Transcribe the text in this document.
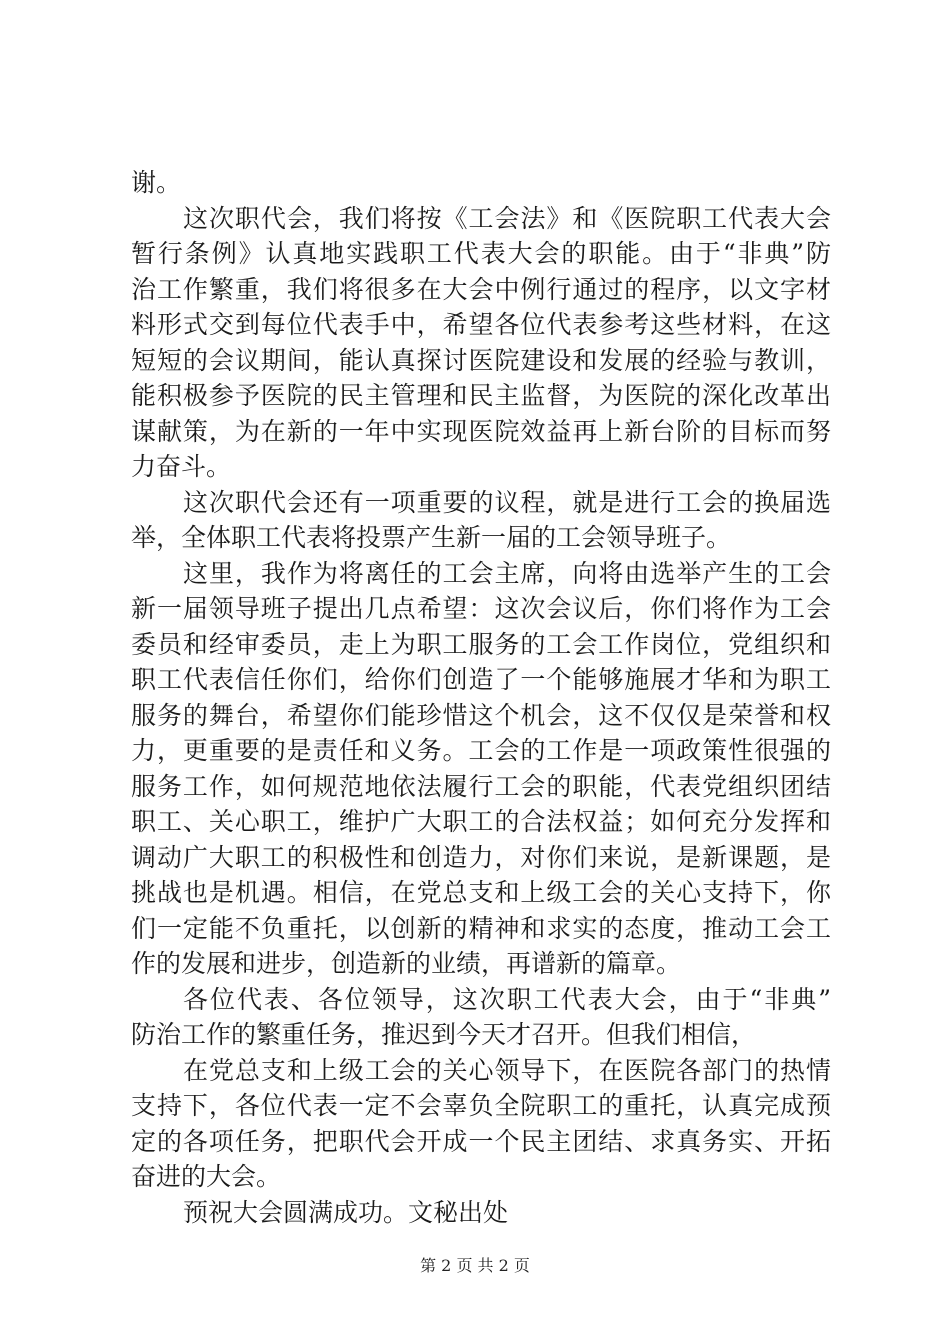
谢。
这次职代会，我们将按《工会法》和《医院职工代表大会
暂行条例》认真地实践职工代表大会的职能。由于“非典”防
治工作繁重，我们将很多在大会中例行通过的程序，以文字材
料形式交到每位代表手中，希望各位代表参考这些材料，在这
短短的会议期间，能认真探讨医院建设和发展的经验与教训，
能积极参予医院的民主管理和民主监督，为医院的深化改革出
谋献策，为在新的一年中实现医院效益再上新台阶的目标而努
力奋斗。
这次职代会还有一项重要的议程，就是进行工会的换届选
举，全体职工代表将投票产生新一届的工会领导班子。
这里，我作为将离任的工会主席，向将由选举产生的工会
新一届领导班子提出几点希望：这次会议后，你们将作为工会
委员和经审委员，走上为职工服务的工会工作岗位，党组织和
职工代表信任你们，给你们创造了一个能够施展才华和为职工
服务的舞台，希望你们能珍惜这个机会，这不仅仅是荣誉和权
力，更重要的是责任和义务。工会的工作是一项政策性很强的
服务工作，如何规范地依法履行工会的职能，代表党组织团结
职工、关心职工，维护广大职工的合法权益；如何充分发挥和
调动广大职工的积极性和创造力，对你们来说，是新课题，是
挑战也是机遇。相信，在党总支和上级工会的关心支持下，你
们一定能不负重托，以创新的精神和求实的态度，推动工会工
作的发展和进步，创造新的业绩，再谱新的篇章。
各位代表、各位领导，这次职工代表大会，由于“非典”
防治工作的繁重任务，推迟到今天才召开。但我们相信，
在党总支和上级工会的关心领导下，在医院各部门的热情
支持下，各位代表一定不会辜负全院职工的重托，认真完成预
定的各项任务，把职代会开成一个民主团结、求真务实、开拓
奋进的大会。
预祝大会圆满成功。文秘出处
第 2 页 共 2 页
